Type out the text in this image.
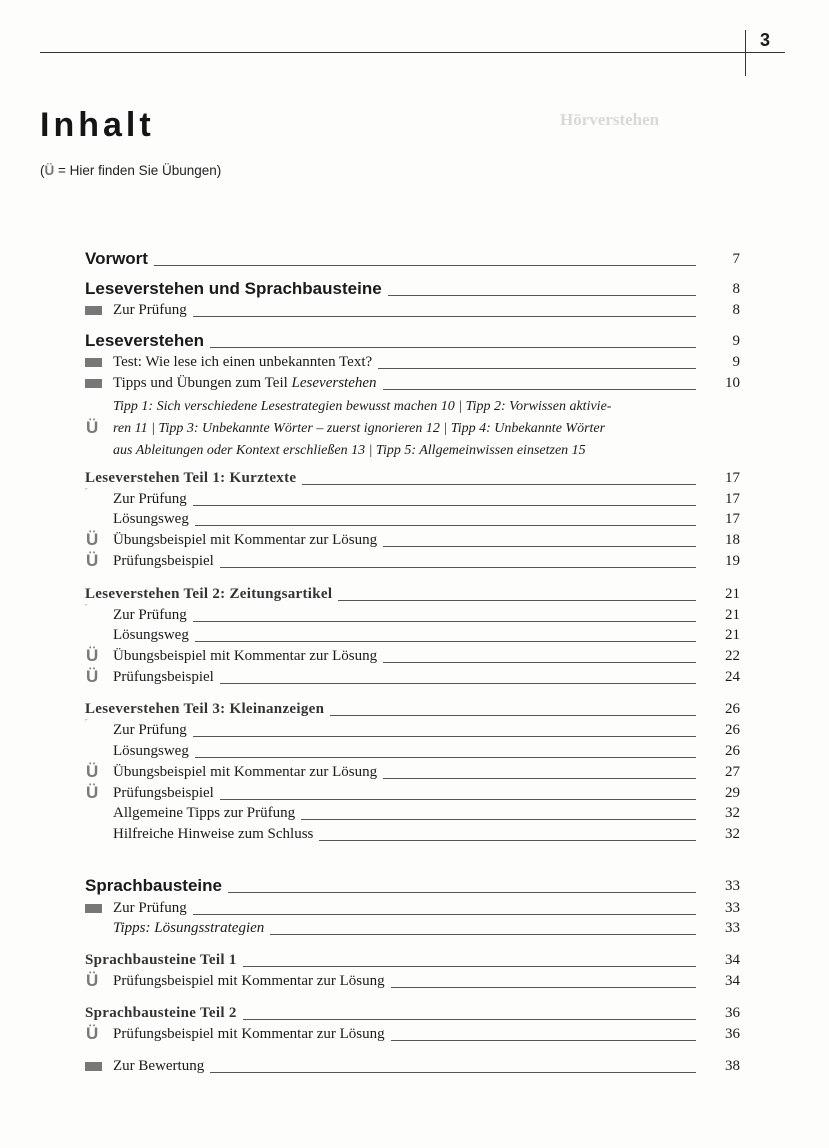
3
Inhalt
(Ü = Hier finden Sie Übungen)
Hörverstehen
Vorwort	7
Leseverstehen und Sprachbausteine	8
Zur Prüfung	8
Leseverstehen	9
Test: Wie lese ich einen unbekannten Text?	9
Tipps und Übungen zum Teil Leseverstehen	10
Leseverstehen Teil 1: Kurztexte	17
Zur Prüfung	17
Lösungsweg	17
Ü Übungsbeispiel mit Kommentar zur Lösung	18
Ü Prüfungsbeispiel	19
Leseverstehen Teil 2: Zeitungsartikel	21
Zur Prüfung	21
Lösungsweg	21
Ü Übungsbeispiel mit Kommentar zur Lösung	22
Ü Prüfungsbeispiel	24
Leseverstehen Teil 3: Kleinanzeigen	26
Zur Prüfung	26
Lösungsweg	26
Ü Übungsbeispiel mit Kommentar zur Lösung	27
Ü Prüfungsbeispiel	29
Allgemeine Tipps zur Prüfung	32
Hilfreiche Hinweise zum Schluss	32
Sprachbausteine	33
Zur Prüfung	33
Tipps: Lösungsstrategien	33
Sprachbausteine Teil 1	34
Ü Prüfungsbeispiel mit Kommentar zur Lösung	34
Sprachbausteine Teil 2	36
Ü Prüfungsbeispiel mit Kommentar zur Lösung	36
Zur Bewertung	38
Tipp 1: Sich verschiedene Lesestrategien bewusst machen 10 | Tipp 2: Vorwissen aktivie-
ren 11 | Tipp 3: Unbekannte Wörter – zuerst ignorieren 12 | Tipp 4: Unbekannte Wörter
aus Ableitungen oder Kontext erschließen 13 | Tipp 5: Allgemeinwissen einsetzen 15
Ü
